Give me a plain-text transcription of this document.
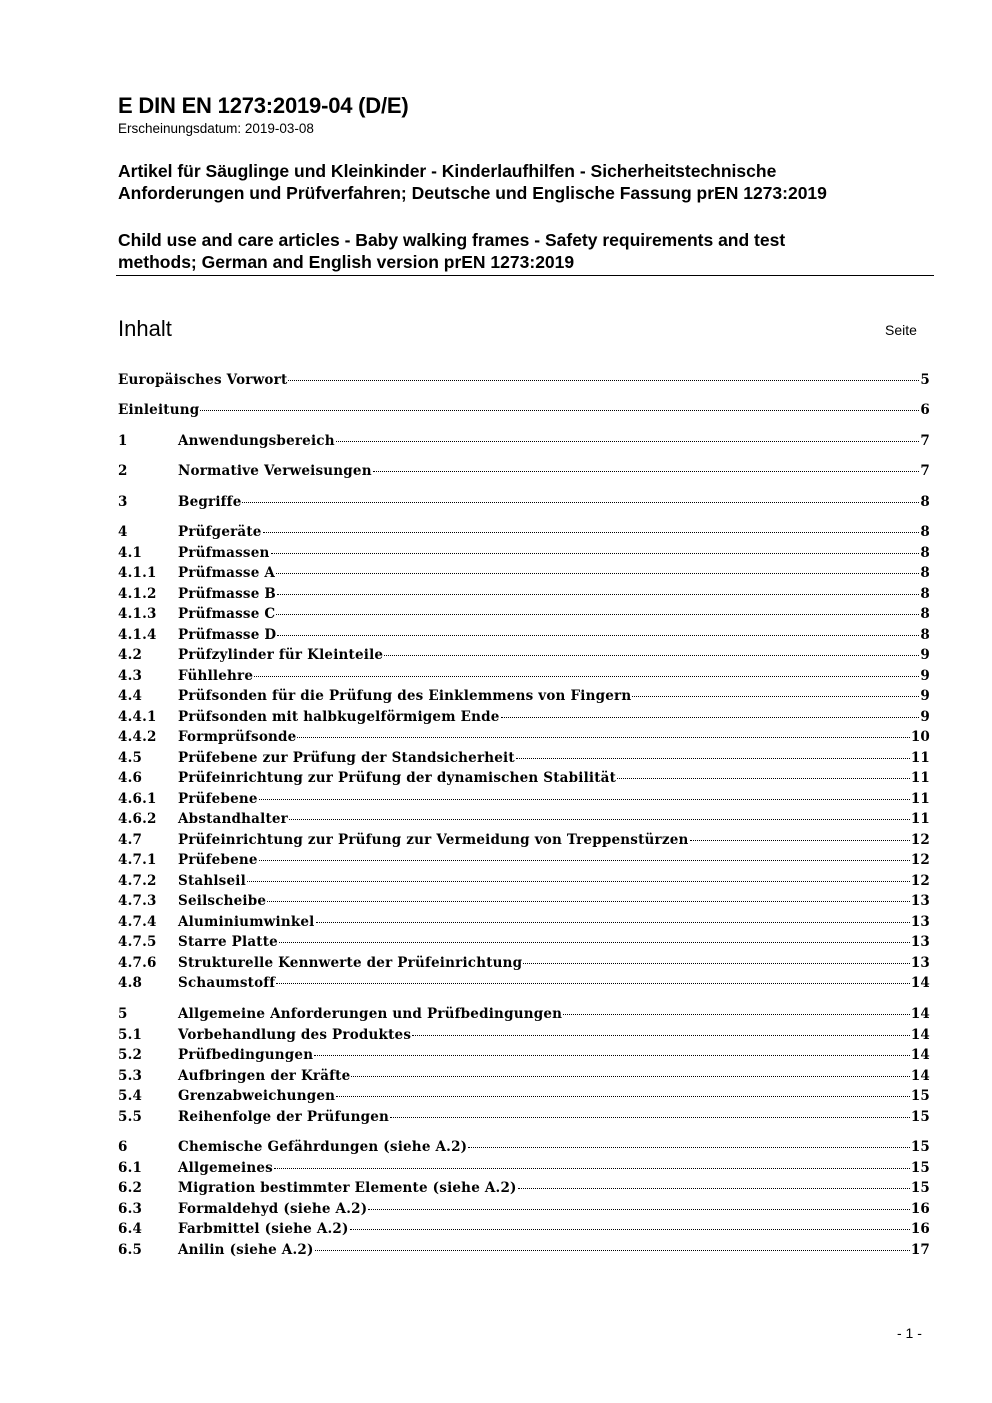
E DIN EN 1273:2019-04 (D/E)
Erscheinungsdatum: 2019-03-08
Artikel für Säuglinge und Kleinkinder - Kinderlaufhilfen - Sicherheitstechnische
Anforderungen und Prüfverfahren; Deutsche und Englische Fassung prEN 1273:2019
Child use and care articles - Baby walking frames - Safety requirements and test
methods; German and English version prEN 1273:2019
Inhalt	Seite
Europäisches Vorwort	5
Einleitung	6
1	Anwendungsbereich	7
2	Normative Verweisungen	7
3	Begriffe	8
4	Prüfgeräte	8
4.1	Prüfmassen	8
4.1.1	Prüfmasse A	8
4.1.2	Prüfmasse B	8
4.1.3	Prüfmasse C	8
4.1.4	Prüfmasse D	8
4.2	Prüfzylinder für Kleinteile	9
4.3	Fühllehre	9
4.4	Prüfsonden für die Prüfung des Einklemmens von Fingern	9
4.4.1	Prüfsonden mit halbkugelförmigem Ende	9
4.4.2	Formprüfsonde	10
4.5	Prüfebene zur Prüfung der Standsicherheit	11
4.6	Prüfeinrichtung zur Prüfung der dynamischen Stabilität	11
4.6.1	Prüfebene	11
4.6.2	Abstandhalter	11
4.7	Prüfeinrichtung zur Prüfung zur Vermeidung von Treppenstürzen	12
4.7.1	Prüfebene	12
4.7.2	Stahlseil	12
4.7.3	Seilscheibe	13
4.7.4	Aluminiumwinkel	13
4.7.5	Starre Platte	13
4.7.6	Strukturelle Kennwerte der Prüfeinrichtung	13
4.8	Schaumstoff	14
5	Allgemeine Anforderungen und Prüfbedingungen	14
5.1	Vorbehandlung des Produktes	14
5.2	Prüfbedingungen	14
5.3	Aufbringen der Kräfte	14
5.4	Grenzabweichungen	15
5.5	Reihenfolge der Prüfungen	15
6	Chemische Gefährdungen (siehe A.2)	15
6.1	Allgemeines	15
6.2	Migration bestimmter Elemente (siehe A.2)	15
6.3	Formaldehyd (siehe A.2)	16
6.4	Farbmittel (siehe A.2)	16
6.5	Anilin (siehe A.2)	17
- 1 -
